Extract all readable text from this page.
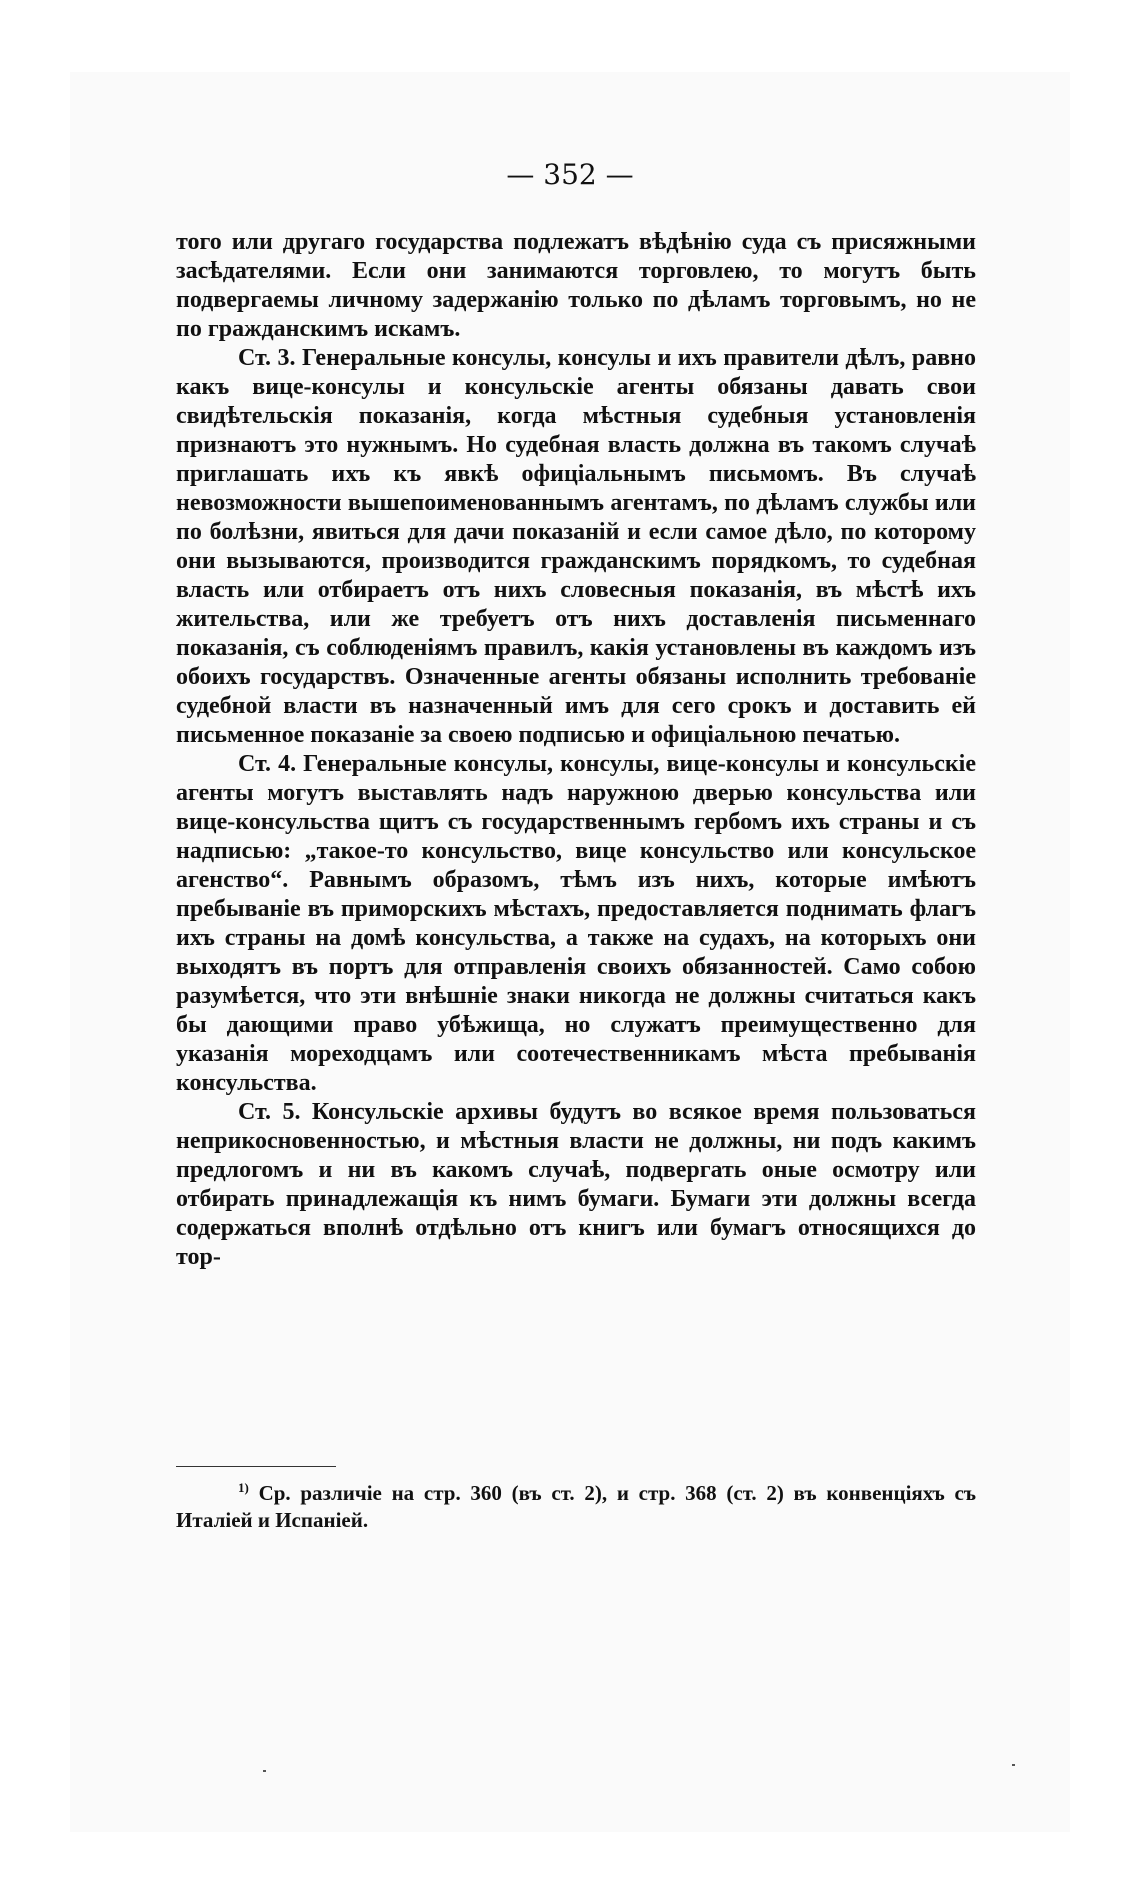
— 352 —

того или другаго государства подлежатъ вѣдѣнію суда съ присяжными засѣдателями. Если они занимаются торговлею, то могутъ быть подвергаемы личному задержанію только по дѣламъ торговымъ, но не по гражданскимъ искамъ.

Ст. 3. Генеральные консулы, консулы и ихъ правители дѣлъ, равно какъ вице-консулы и консульскіе агенты обязаны давать свои свидѣтельскія показанія, когда мѣстныя судебныя установленія признаютъ это нужнымъ. Но судебная власть должна въ такомъ случаѣ приглашать ихъ къ явкѣ офиціальнымъ письмомъ. Въ случаѣ невозможности вышепоименованнымъ агентамъ, по дѣламъ службы или по болѣзни, явиться для дачи показаній и если самое дѣло, по которому они вызываются, производится гражданскимъ порядкомъ, то судебная власть или отбираетъ отъ нихъ словесныя показанія, въ мѣстѣ ихъ жительства, или же требуетъ отъ нихъ доставленія письменнаго показанія, съ соблюденіямъ правилъ, какія установлены въ каждомъ изъ обоихъ государствъ. Означенные агенты обязаны исполнить требованіе судебной власти въ назначенный имъ для сего срокъ и доставить ей письменное показаніе за своею подписью и офиціальною печатью.

Ст. 4. Генеральные консулы, консулы, вице-консулы и консульскіе агенты могутъ выставлять надъ наружною дверью консульства или вице-консульства щитъ съ государственнымъ гербомъ ихъ страны и съ надписью: „такое-то консульство, вице консульство или консульское агенство“. Равнымъ образомъ, тѣмъ изъ нихъ, которые имѣютъ пребываніе въ приморскихъ мѣстахъ, предоставляется поднимать флагъ ихъ страны на домѣ консульства, а также на судахъ, на которыхъ они выходятъ въ портъ для отправленія своихъ обязанностей. Само собою разумѣется, что эти внѣшніе знаки никогда не должны считаться какъ бы дающими право убѣжища, но служатъ преимущественно для указанія мореходцамъ или соотечественникамъ мѣста пребыванія консульства.

Ст. 5. Консульскіе архивы будутъ во всякое время пользоваться неприкосновенностью, и мѣстныя власти не должны, ни подъ какимъ предлогомъ и ни въ какомъ случаѣ, подвергать оные осмотру или отбирать принадлежащія къ нимъ бумаги. Бумаги эти должны всегда содержаться вполнѣ отдѣльно отъ книгъ или бумагъ относящихся до тор-

$^{1)}$ Ср. различіе на стр. 360 (въ ст. 2), и стр. 368 (ст. 2) въ конвенціяхъ съ Италіей и Испаніей.
